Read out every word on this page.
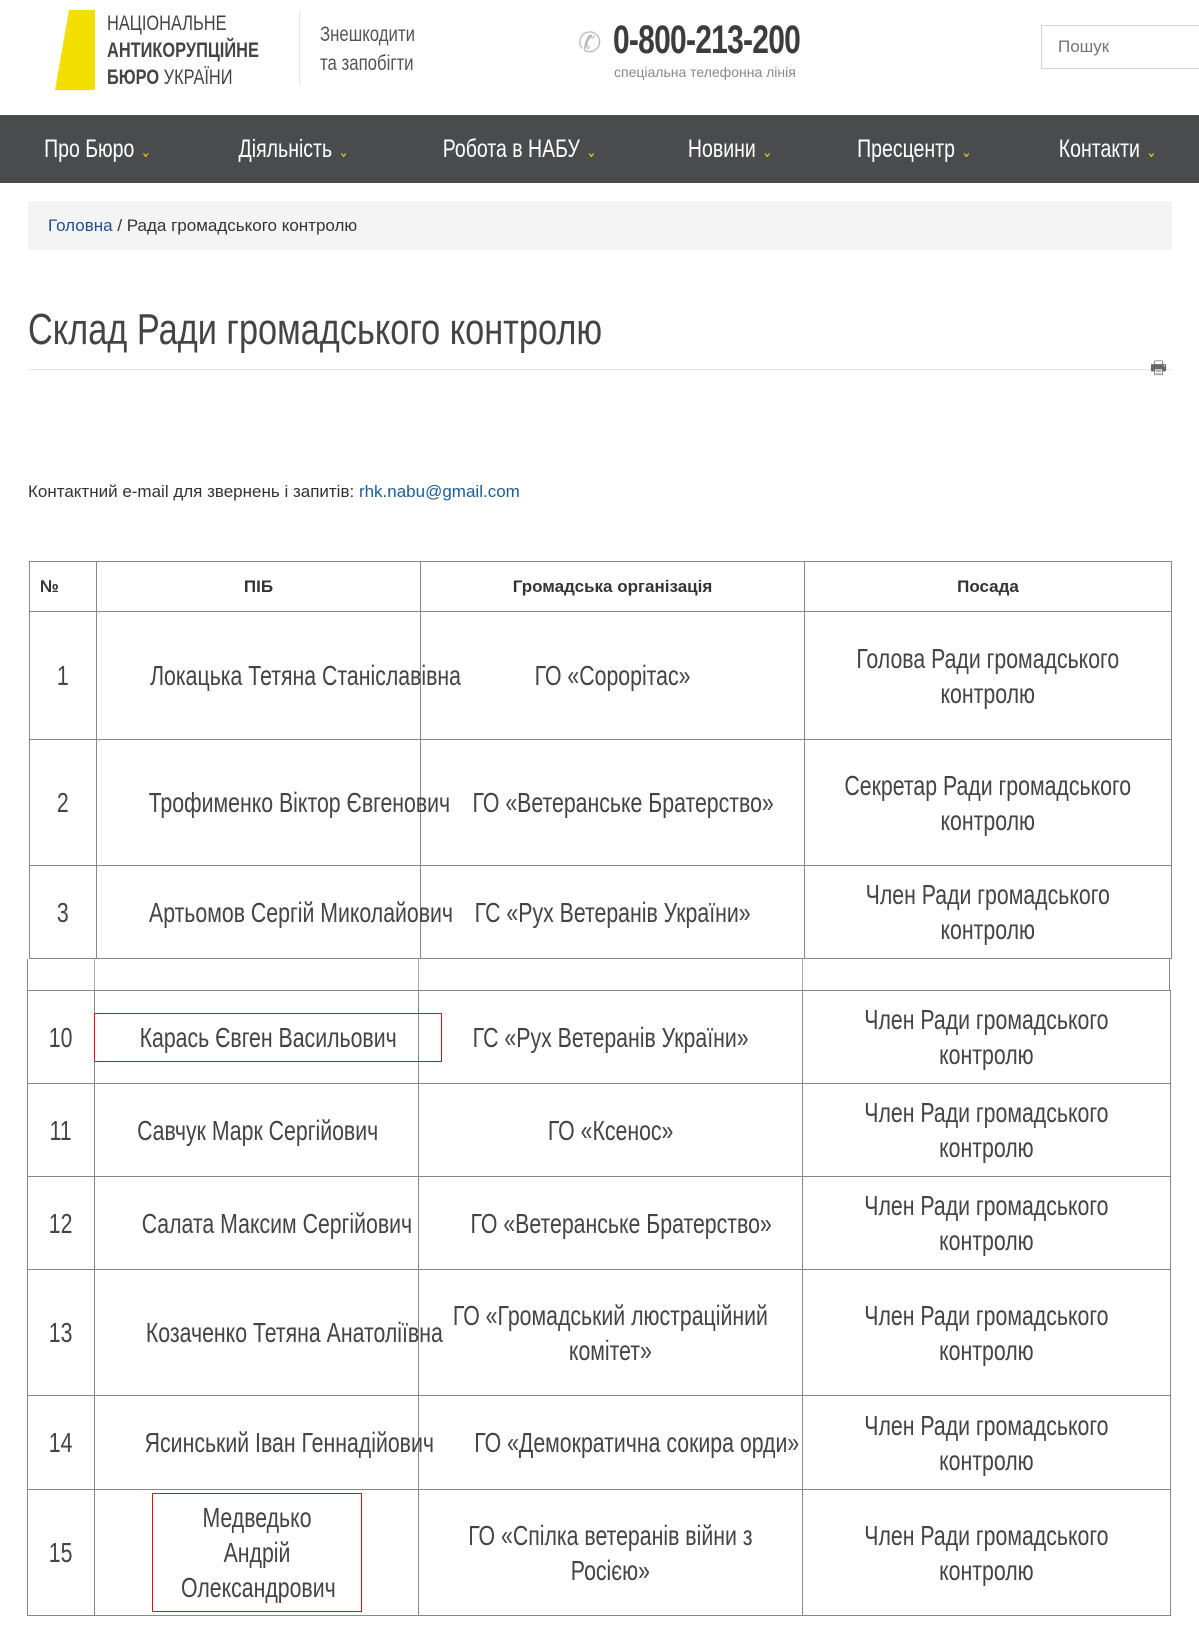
НАЦІОНАЛЬНЕ
АНТИКОРУПЦІЙНЕ
БЮРО УКРАЇНИ
Знешкодити
та запобігти
✆ 0-800-213-200
спеціальна телефонна лінія
Пошук
Про Бюро ⌄	Діяльність ⌄	Робота в НАБУ ⌄	Новини ⌄	Пресцентр ⌄	Контакти ⌄
Головна / Рада громадського контролю
Склад Ради громадського контролю
🖶
Контактний e-mail для звернень і запитів: rhk.nabu@gmail.com
№	ПІБ	Громадська організація	Посада
1	Локацька Тетяна Станіславівна	ГО «Сорорітас»	Голова Ради громадського контролю
2	Трофименко Віктор Євгенович	ГО «Ветеранське Братерство»	Секретар Ради громадського контролю
3	Артьомов Сергій Миколайович	ГС «Рух Ветеранів України»	Член Ради громадського контролю
10	Карась Євген Васильович	ГС «Рух Ветеранів України»	Член Ради громадського контролю
11	Савчук Марк Сергійович	ГО «Ксенос»	Член Ради громадського контролю
12	Салата Максим Сергійович	ГО «Ветеранське Братерство»	Член Ради громадського контролю
13	Козаченко Тетяна Анатоліївна	ГО «Громадський люстраційний комітет»	Член Ради громадського контролю
14	Ясинський Іван Геннадійович	ГО «Демократична сокира орди»	Член Ради громадського контролю
15	Медведько Андрій Олександрович	ГО «Спілка ветеранів війни з Росією»	Член Ради громадського контролю
